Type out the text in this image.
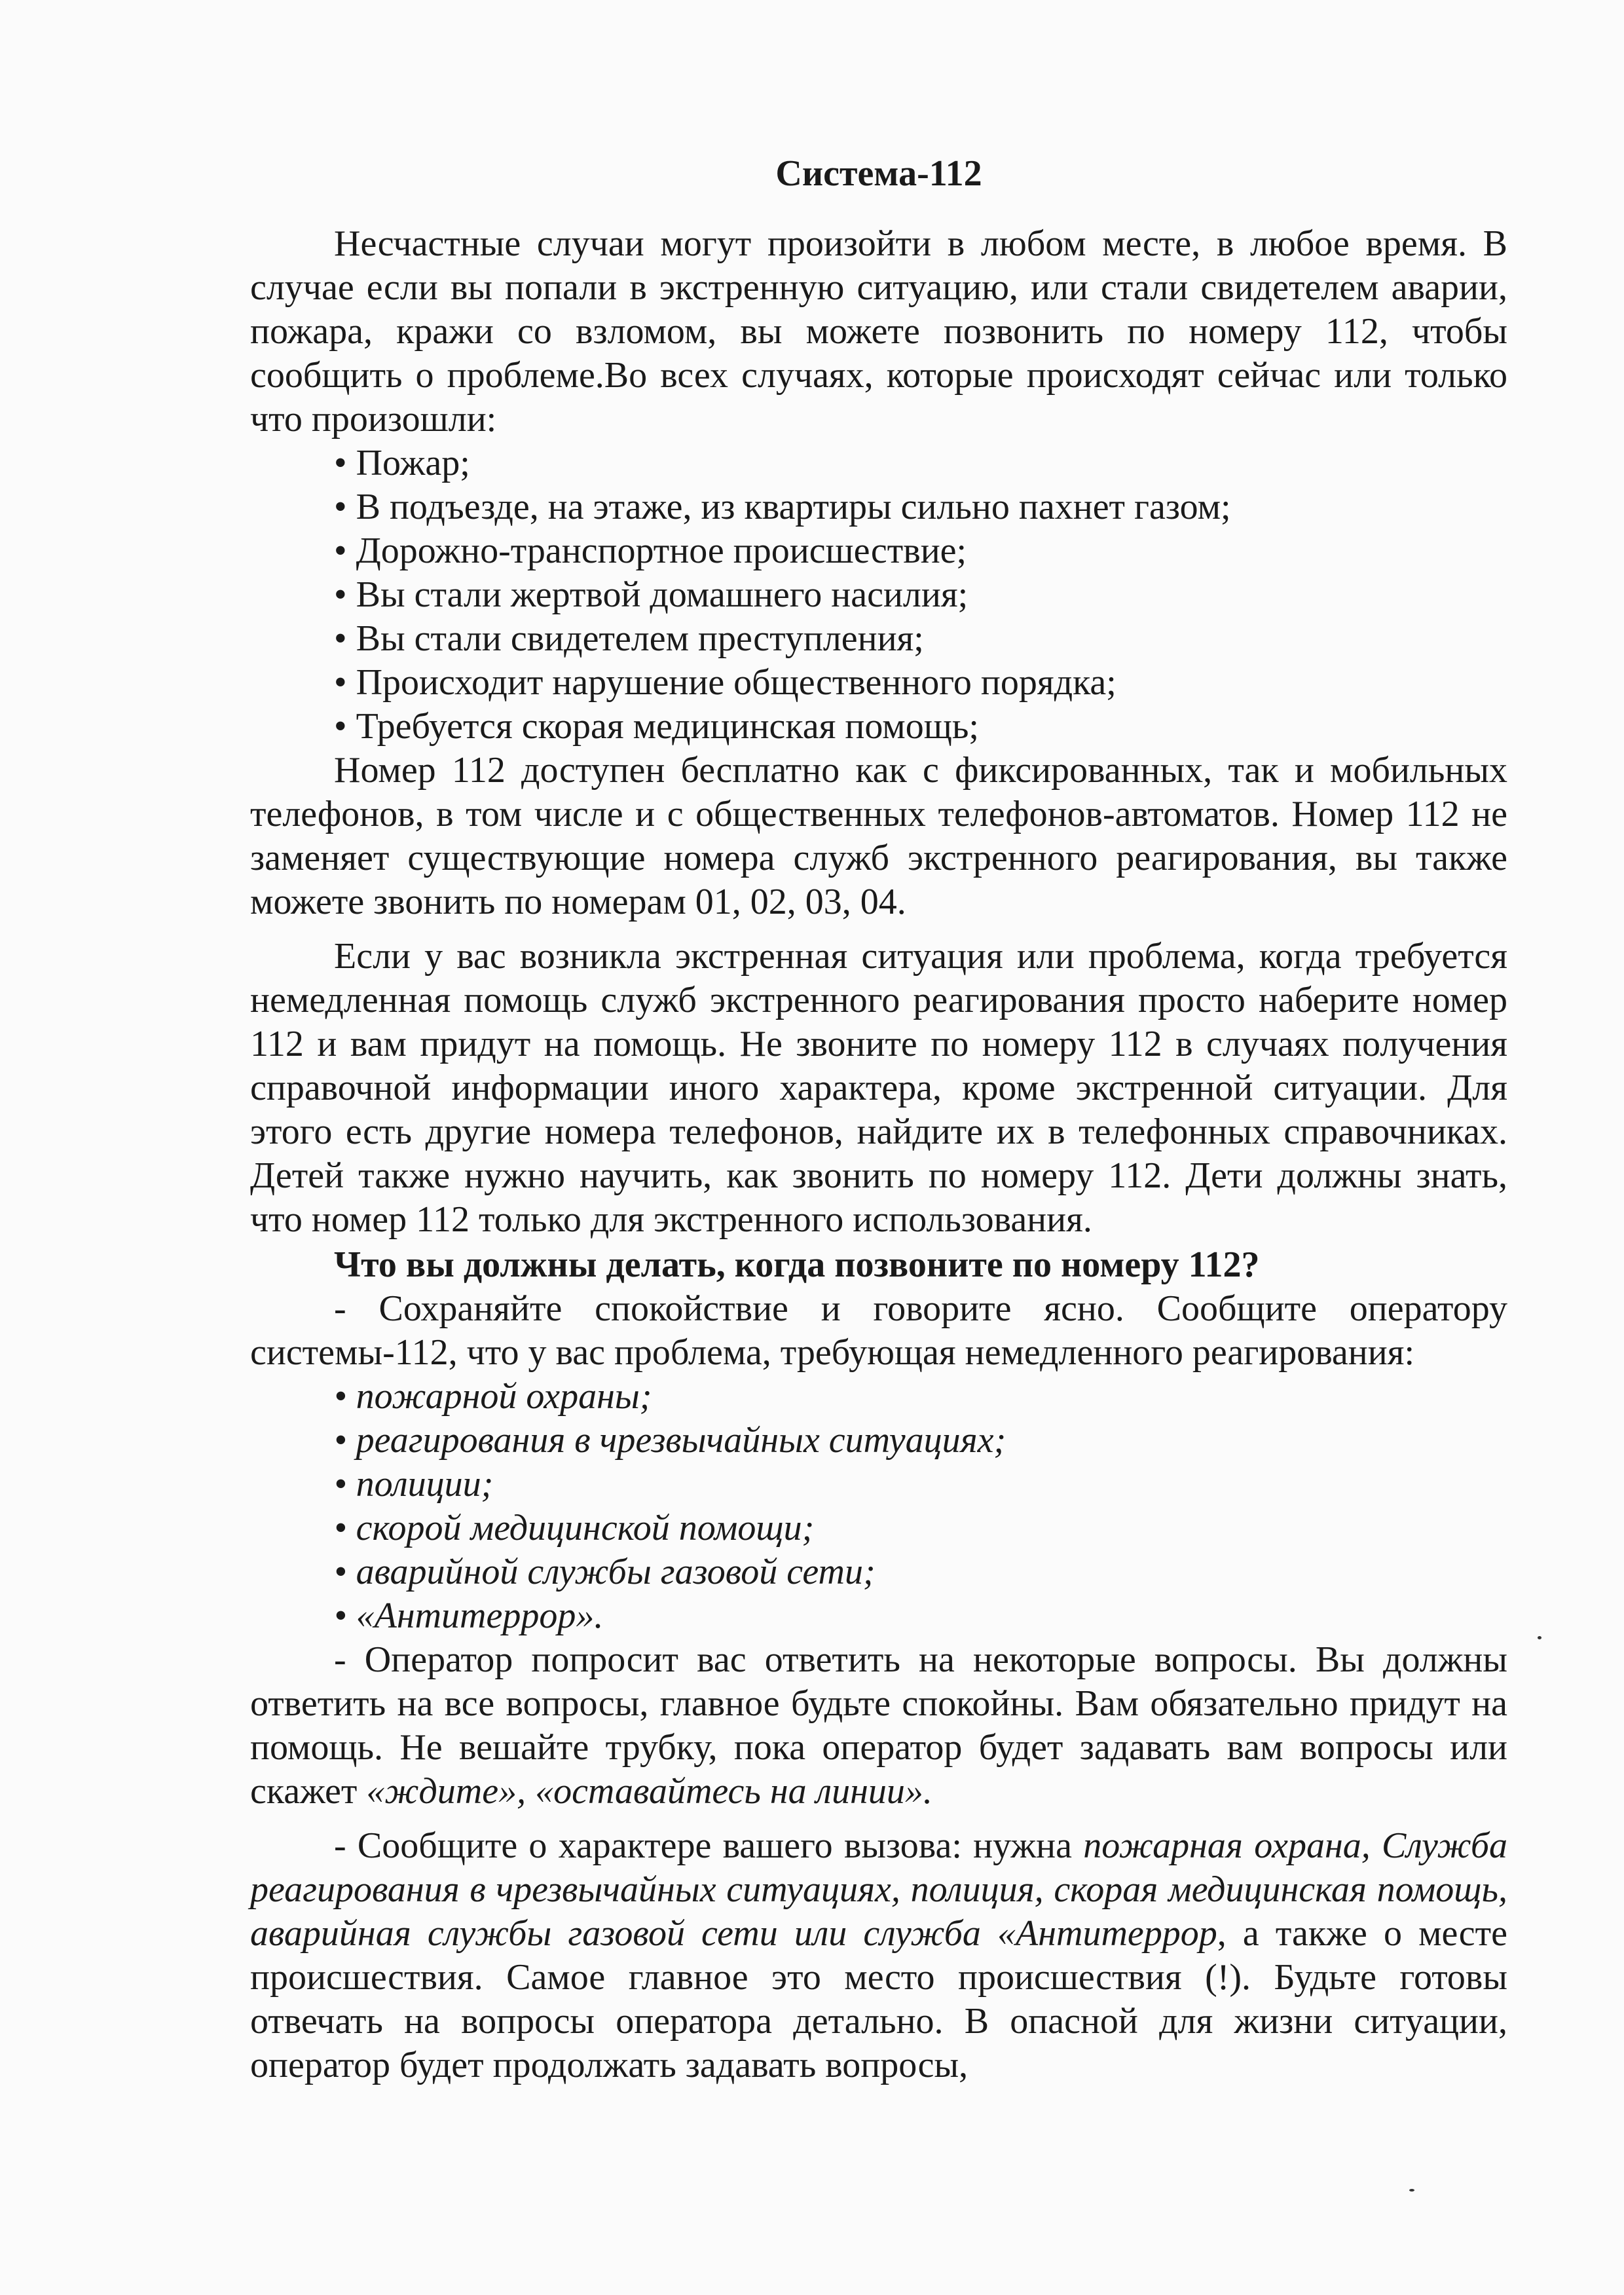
Система-112

Несчастные случаи могут произойти в любом месте, в любое время. В случае если вы попали в экстренную ситуацию, или стали свидетелем аварии, пожара, кражи со взломом, вы можете позвонить по номеру 112, чтобы сообщить о проблеме.Во всех случаях, которые происходят сейчас или только что произошли:

• Пожар;

• В подъезде, на этаже, из квартиры сильно пахнет газом;

• Дорожно-транспортное происшествие;

• Вы стали жертвой домашнего насилия;

• Вы стали свидетелем преступления;

• Происходит нарушение общественного порядка;

• Требуется скорая медицинская помощь;

Номер 112 доступен бесплатно как с фиксированных, так и мобильных телефонов, в том числе и с общественных телефонов-автоматов. Номер 112 не заменяет существующие номера служб экстренного реагирования, вы также можете звонить по номерам 01, 02, 03, 04.

Если у вас возникла экстренная ситуация или проблема, когда требуется немедленная помощь служб экстренного реагирования просто наберите номер 112 и вам придут на помощь. Не звоните по номеру 112 в случаях получения справочной информации иного характера, кроме экстренной ситуации. Для этого есть другие номера телефонов, найдите их в телефонных справочниках. Детей также нужно научить, как звонить по номеру 112. Дети должны знать, что номер 112 только для экстренного использования.

Что вы должны делать, когда позвоните по номеру 112?

- Сохраняйте спокойствие и говорите ясно. Сообщите оператору системы-112, что у вас проблема, требующая немедленного реагирования:

• пожарной охраны;

• реагирования в чрезвычайных ситуациях;

• полиции;

• скорой медицинской помощи;

• аварийной службы газовой сети;

• «Антитеррор».

- Оператор попросит вас ответить на некоторые вопросы. Вы должны ответить на все вопросы, главное будьте спокойны. Вам обязательно придут на помощь. Не вешайте трубку, пока оператор будет задавать вам вопросы или скажет «ждите», «оставайтесь на линии».

- Сообщите о характере вашего вызова: нужна пожарная охрана, Служба реагирования в чрезвычайных ситуациях, полиция, скорая медицинская помощь, аварийная службы газовой сети или служба «Антитеррор, а также о месте происшествия. Самое главное это место происшествия (!). Будьте готовы отвечать на вопросы оператора детально. В опасной для жизни ситуации, оператор будет продолжать задавать вопросы,
